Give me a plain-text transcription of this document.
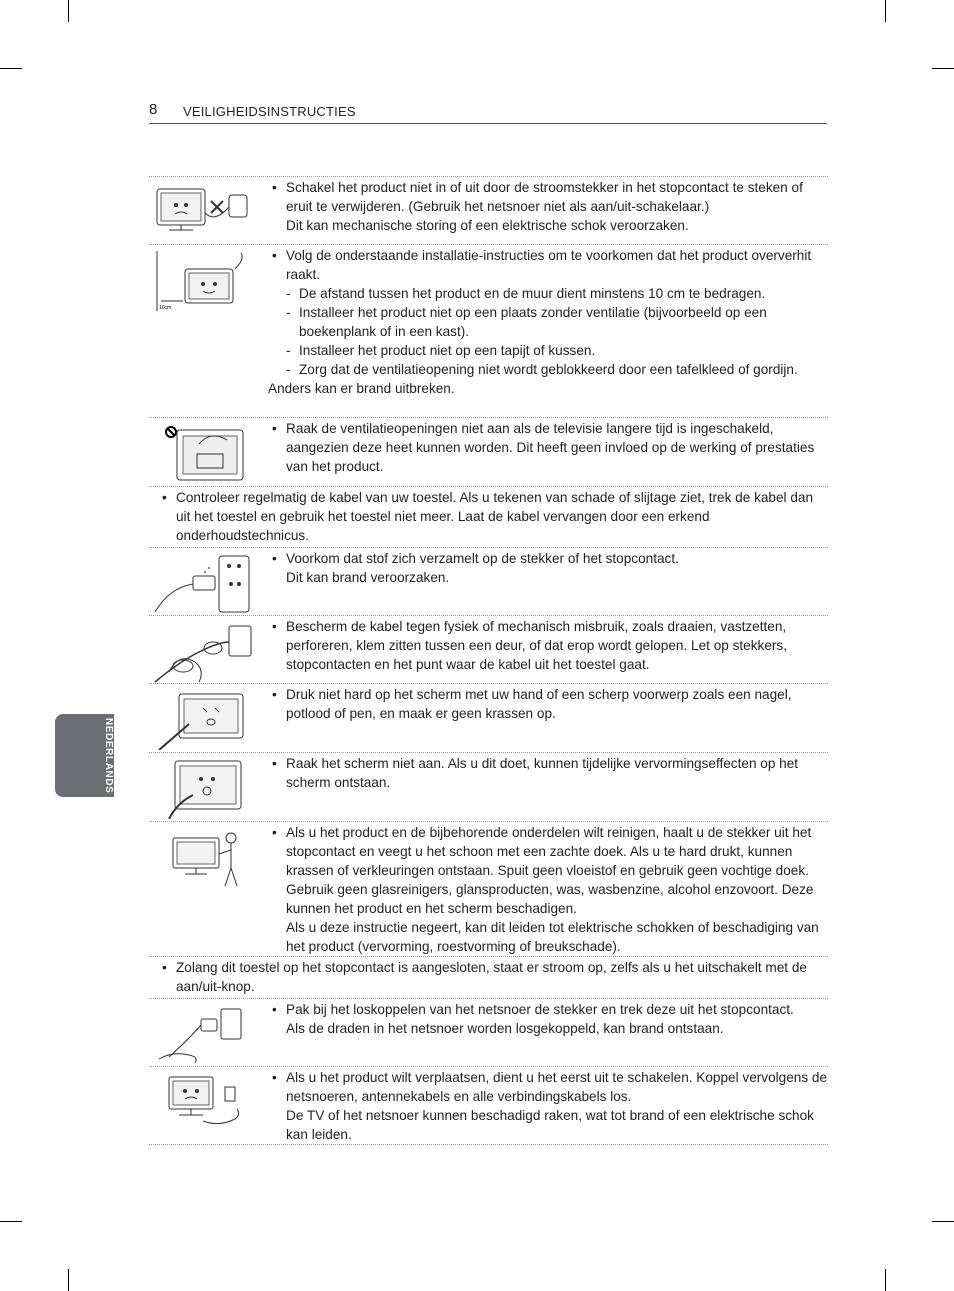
8 VEILIGHEIDSINSTRUCTIES
NEDERLANDS
• Schakel het product niet in of uit door de stroomstekker in het stopcontact te steken of eruit te verwijderen. (Gebruik het netsnoer niet als aan/uit-schakelaar.)
Dit kan mechanische storing of een elektrische schok veroorzaken.
10cm
• Volg de onderstaande installatie-instructies om te voorkomen dat het product oververhit raakt.
- De afstand tussen het product en de muur dient minstens 10 cm te bedragen.
- Installeer het product niet op een plaats zonder ventilatie (bijvoorbeeld op een boekenplank of in een kast).
- Installeer het product niet op een tapijt of kussen.
- Zorg dat de ventilatieopening niet wordt geblokkeerd door een tafelkleed of gordijn.
Anders kan er brand uitbreken.
• Raak de ventilatieopeningen niet aan als de televisie langere tijd is ingeschakeld, aangezien deze heet kunnen worden. Dit heeft geen invloed op de werking of prestaties van het product.
• Controleer regelmatig de kabel van uw toestel. Als u tekenen van schade of slijtage ziet, trek de kabel dan uit het toestel en gebruik het toestel niet meer. Laat de kabel vervangen door een erkend onderhoudstechnicus.
• Voorkom dat stof zich verzamelt op de stekker of het stopcontact.
Dit kan brand veroorzaken.
• Bescherm de kabel tegen fysiek of mechanisch misbruik, zoals draaien, vastzetten, perforeren, klem zitten tussen een deur, of dat erop wordt gelopen. Let op stekkers, stopcontacten en het punt waar de kabel uit het toestel gaat.
• Druk niet hard op het scherm met uw hand of een scherp voorwerp zoals een nagel, potlood of pen, en maak er geen krassen op.
• Raak het scherm niet aan. Als u dit doet, kunnen tijdelijke vervormingseffecten op het scherm ontstaan.
• Als u het product en de bijbehorende onderdelen wilt reinigen, haalt u de stekker uit het stopcontact en veegt u het schoon met een zachte doek. Als u te hard drukt, kunnen krassen of verkleuringen ontstaan. Spuit geen vloeistof en gebruik geen vochtige doek. Gebruik geen glasreinigers, glansproducten, was, wasbenzine, alcohol enzovoort. Deze kunnen het product en het scherm beschadigen.
Als u deze instructie negeert, kan dit leiden tot elektrische schokken of beschadiging van het product (vervorming, roestvorming of breukschade).
• Zolang dit toestel op het stopcontact is aangesloten, staat er stroom op, zelfs als u het uitschakelt met de aan/uit-knop.
• Pak bij het loskoppelen van het netsnoer de stekker en trek deze uit het stopcontact.
Als de draden in het netsnoer worden losgekoppeld, kan brand ontstaan.
• Als u het product wilt verplaatsen, dient u het eerst uit te schakelen. Koppel vervolgens de netsnoeren, antennekabels en alle verbindingskabels los.
De TV of het netsnoer kunnen beschadigd raken, wat tot brand of een elektrische schok kan leiden.
